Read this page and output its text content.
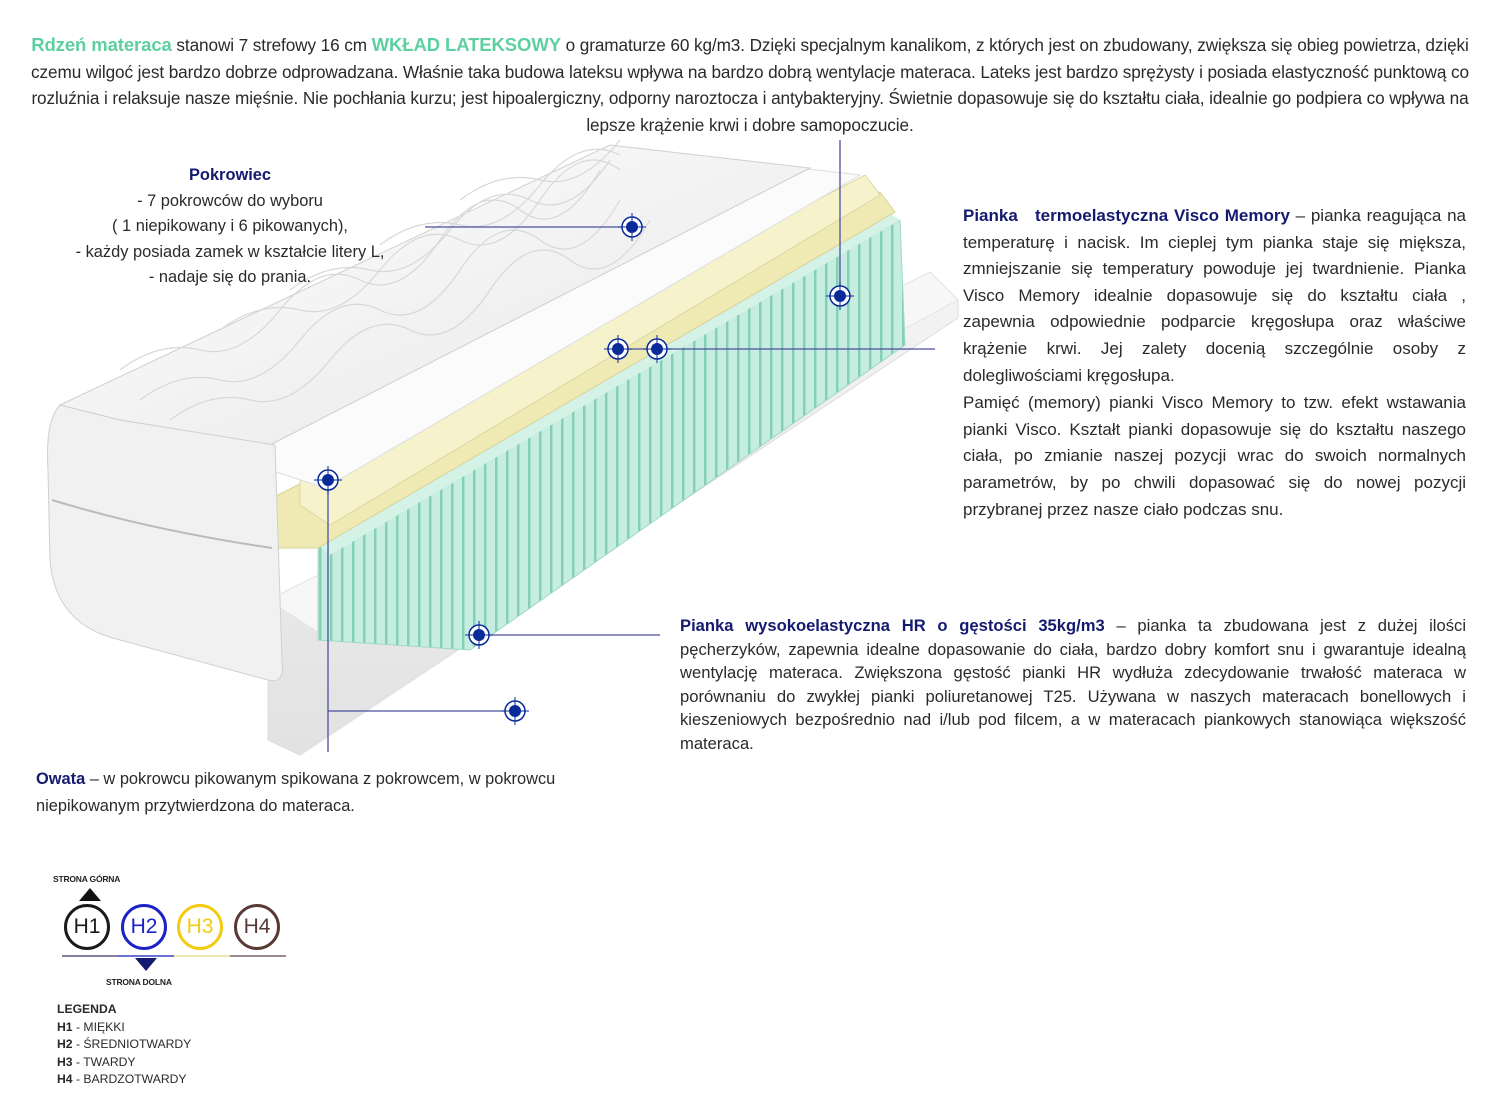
Rdzeń materaca stanowi 7 strefowy 16 cm WKŁAD LATEKSOWY o gramaturze 60 kg/m3. Dzięki specjalnym kanalikom, z których jest on zbudowany, zwiększa się obieg powietrza, dzięki czemu wilgoć jest bardzo dobrze odprowadzana. Właśnie taka budowa lateksu wpływa na bardzo dobrą wentylacje materaca. Lateks jest bardzo sprężysty i posiada elastyczność punktową co rozluźnia i relaksuje nasze mięśnie. Nie pochłania kurzu; jest hipoalergiczny, odporny naroztocza i antybakteryjny. Świetnie dopasowuje się do kształtu ciała, idealnie go podpiera co wpływa na lepsze krążenie krwi i dobre samopoczucie.
Pokrowiec
- 7 pokrowców do wyboru
( 1 niepikowany i 6 pikowanych),
- każdy posiada zamek w kształcie litery L,
- nadaje się do prania.

Pianka   termoelastyczna Visco Memory – pianka reagująca na temperaturę i nacisk. Im cieplej tym pianka staje się miększa, zmniejszanie się temperatury powoduje jej twardnienie. Pianka Visco Memory idealnie dopasowuje się do kształtu ciała , zapewnia odpowiednie podparcie kręgosłupa oraz właściwe krążenie krwi. Jej zalety docenią szczególnie osoby z dolegliwościami kręgosłupa.

Pamięć (memory) pianki Visco Memory to tzw. efekt wstawania pianki Visco. Kształt pianki dopasowuje się do kształtu naszego ciała, po zmianie naszej pozycji wrac do swoich normalnych parametrów, by po chwili dopasować się do nowej pozycji przybranej przez nasze ciało podczas snu.

Pianka wysokoelastyczna HR o gęstości 35kg/m3 – pianka ta zbudowana jest z dużej ilości pęcherzyków, zapewnia idealne dopasowanie do ciała, bardzo dobry komfort snu i gwarantuje idealną wentylację materaca. Zwiększona gęstość pianki HR wydłuża zdecydowanie trwałość materaca w porównaniu do zwykłej pianki poliuretanowej T25. Używana w naszych materacach bonellowych i kieszeniowych bezpośrednio nad i/lub pod filcem, a w materacach piankowych stanowiąca większość materaca.
Owata – w pokrowcu pikowanym spikowana z pokrowcem, w pokrowcu niepikowanym przytwierdzona do materaca.
STRONA GÓRNA
H1 H2 H3 H4
STRONA DOLNA
LEGENDA
H1 - MIĘKKI
H2 - ŚREDNIOTWARDY
H3 - TWARDY
H4 - BARDZOTWARDY
